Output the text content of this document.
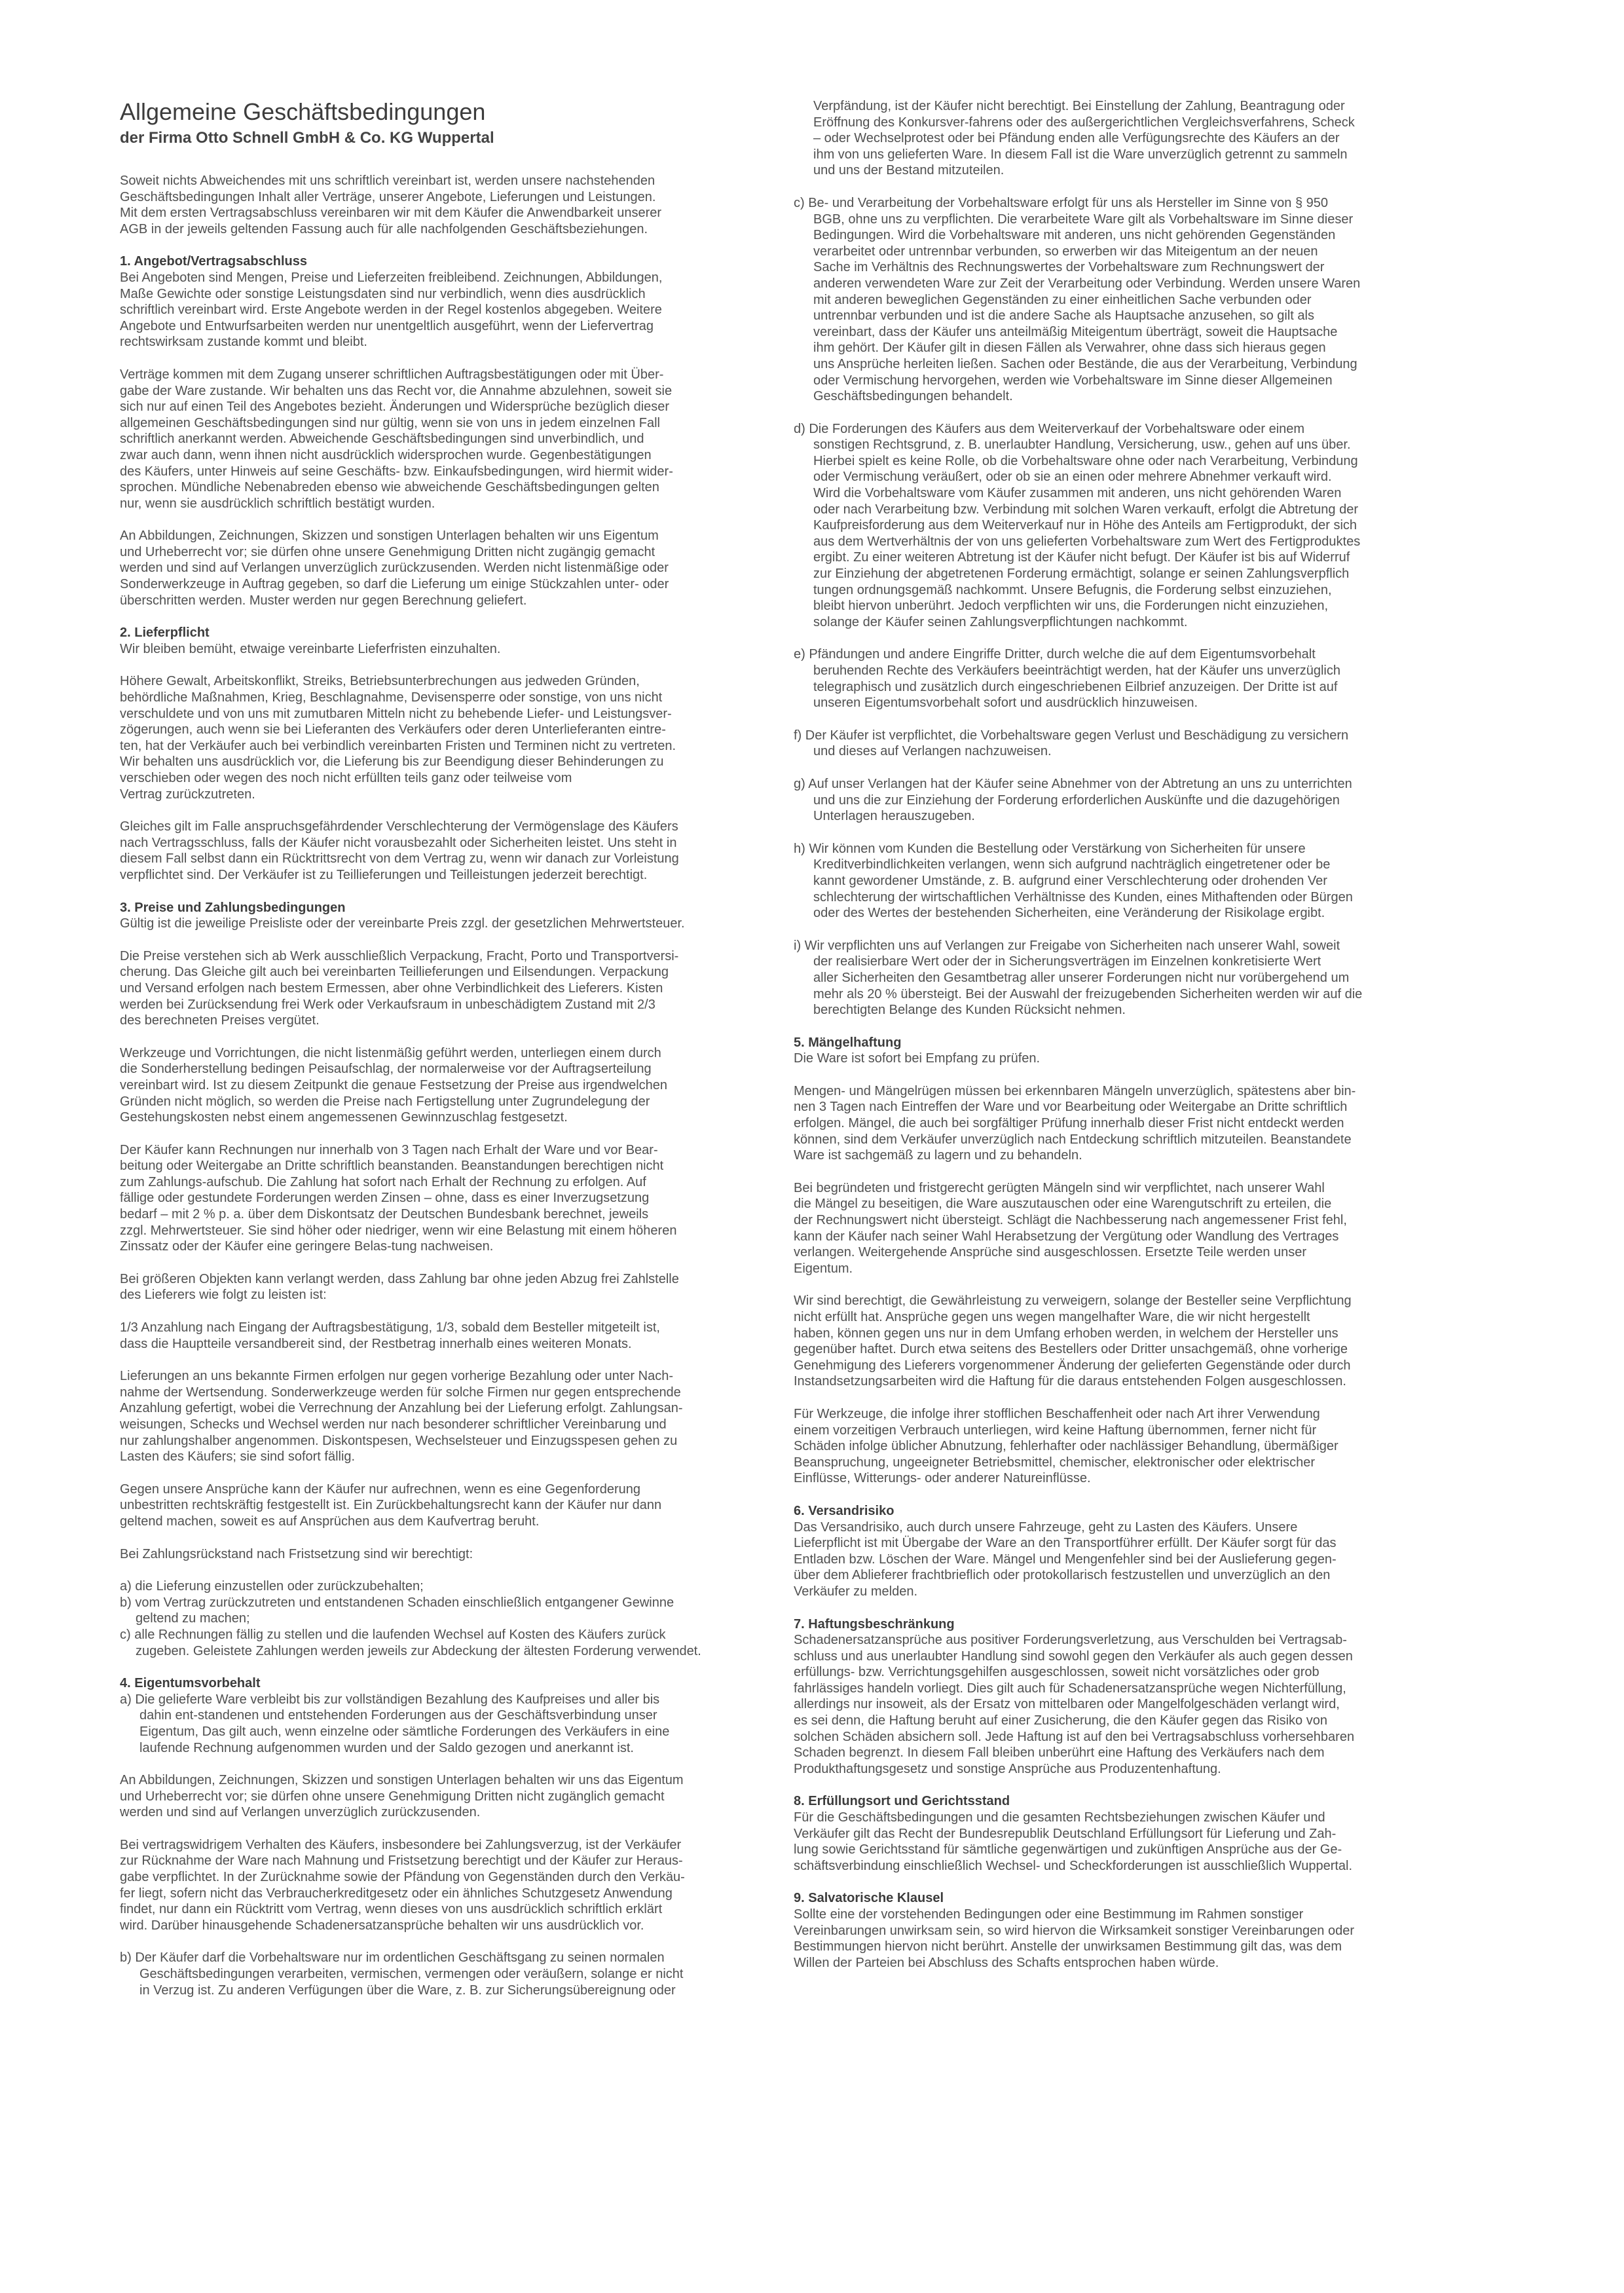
Allgemeine Geschäftsbedingungen
der Firma Otto Schnell GmbH & Co. KG Wuppertal

Soweit nichts Abweichendes mit uns schriftlich vereinbart ist, werden unsere nachstehenden
Geschäftsbedingungen Inhalt aller Verträge, unserer Angebote, Lieferungen und Leistungen.
Mit dem ersten Vertragsabschluss vereinbaren wir mit dem Käufer die Anwendbarkeit unserer
AGB in der jeweils geltenden Fassung auch für alle nachfolgenden Geschäftsbeziehungen.

1. Angebot/Vertragsabschluss

Bei Angeboten sind Mengen, Preise und Lieferzeiten freibleibend. Zeichnungen, Abbildungen,
Maße Gewichte oder sonstige Leistungsdaten sind nur verbindlich, wenn dies ausdrücklich
schriftlich vereinbart wird. Erste Angebote werden in der Regel kostenlos abgegeben. Weitere
Angebote und Entwurfsarbeiten werden nur unentgeltlich ausgeführt, wenn der Liefervertrag
rechtswirksam zustande kommt und bleibt.

Verträge kommen mit dem Zugang unserer schriftlichen Auftragsbestätigungen oder mit Über-
gabe der Ware zustande. Wir behalten uns das Recht vor, die Annahme abzulehnen, soweit sie
sich nur auf einen Teil des Angebotes bezieht. Änderungen und Widersprüche bezüglich dieser
allgemeinen Geschäftsbedingungen sind nur gültig, wenn sie von uns in jedem einzelnen Fall
schriftlich anerkannt werden. Abweichende Geschäftsbedingungen sind unverbindlich, und
zwar auch dann, wenn ihnen nicht ausdrücklich widersprochen wurde. Gegenbestätigungen
des Käufers, unter Hinweis auf seine Geschäfts- bzw. Einkaufsbedingungen, wird hiermit wider-
sprochen. Mündliche Nebenabreden ebenso wie abweichende Geschäftsbedingungen gelten
nur, wenn sie ausdrücklich schriftlich bestätigt wurden.

An Abbildungen, Zeichnungen, Skizzen und sonstigen Unterlagen behalten wir uns Eigentum
und Urheberrecht vor; sie dürfen ohne unsere Genehmigung Dritten nicht zugängig gemacht
werden und sind auf Verlangen unverzüglich zurückzusenden. Werden nicht listenmäßige oder
Sonderwerkzeuge in Auftrag gegeben, so darf die Lieferung um einige Stückzahlen unter- oder
überschritten werden. Muster werden nur gegen Berechnung geliefert.

2. Lieferpflicht

Wir bleiben bemüht, etwaige vereinbarte Lieferfristen einzuhalten.

Höhere Gewalt, Arbeitskonflikt, Streiks, Betriebsunterbrechungen aus jedweden Gründen,
behördliche Maßnahmen, Krieg, Beschlagnahme, Devisensperre oder sonstige, von uns nicht
verschuldete und von uns mit zumutbaren Mitteln nicht zu behebende Liefer- und Leistungsver-
zögerungen, auch wenn sie bei Lieferanten des Verkäufers oder deren Unterlieferanten eintre-
ten, hat der Verkäufer auch bei verbindlich vereinbarten Fristen und Terminen nicht zu vertreten.
Wir behalten uns ausdrücklich vor, die Lieferung bis zur Beendigung dieser Behinderungen zu
verschieben oder wegen des noch nicht erfüllten teils ganz oder teilweise vom
Vertrag zurückzutreten.

Gleiches gilt im Falle anspruchsgefährdender Verschlechterung der Vermögenslage des Käufers
nach Vertragsschluss, falls der Käufer nicht vorausbezahlt oder Sicherheiten leistet. Uns steht in
diesem Fall selbst dann ein Rücktrittsrecht von dem Vertrag zu, wenn wir danach zur Vorleistung
verpflichtet sind. Der Verkäufer ist zu Teillieferungen und Teilleistungen jederzeit berechtigt.

3. Preise und Zahlungsbedingungen

Gültig ist die jeweilige Preisliste oder der vereinbarte Preis zzgl. der gesetzlichen Mehrwertsteuer.

Die Preise verstehen sich ab Werk ausschließlich Verpackung, Fracht, Porto und Transportversi-
cherung. Das Gleiche gilt auch bei vereinbarten Teillieferungen und Eilsendungen. Verpackung
und Versand erfolgen nach bestem Ermessen, aber ohne Verbindlichkeit des Lieferers. Kisten
werden bei Zurücksendung frei Werk oder Verkaufsraum in unbeschädigtem Zustand mit 2/3
des berechneten Preises vergütet.

Werkzeuge und Vorrichtungen, die nicht listenmäßig geführt werden, unterliegen einem durch
die Sonderherstellung bedingen Peisaufschlag, der normalerweise vor der Auftragserteilung
vereinbart wird. Ist zu diesem Zeitpunkt die genaue Festsetzung der Preise aus irgendwelchen
Gründen nicht möglich, so werden die Preise nach Fertigstellung unter Zugrundelegung der
Gestehungskosten nebst einem angemessenen Gewinnzuschlag festgesetzt.

Der Käufer kann Rechnungen nur innerhalb von 3 Tagen nach Erhalt der Ware und vor Bear-
beitung oder Weitergabe an Dritte schriftlich beanstanden. Beanstandungen berechtigen nicht
zum Zahlungs-aufschub. Die Zahlung hat sofort nach Erhalt der Rechnung zu erfolgen. Auf
fällige oder gestundete Forderungen werden Zinsen – ohne, dass es einer Inverzugsetzung
bedarf – mit 2 % p. a. über dem Diskontsatz der Deutschen Bundesbank berechnet, jeweils
zzgl. Mehrwertsteuer. Sie sind höher oder niedriger, wenn wir eine Belastung mit einem höheren
Zinssatz oder der Käufer eine geringere Belas-tung nachweisen.

Bei größeren Objekten kann verlangt werden, dass Zahlung bar ohne jeden Abzug frei Zahlstelle
des Lieferers wie folgt zu leisten ist:

1/3 Anzahlung nach Eingang der Auftragsbestätigung, 1/3, sobald dem Besteller mitgeteilt ist,
dass die Hauptteile versandbereit sind, der Restbetrag innerhalb eines weiteren Monats.

Lieferungen an uns bekannte Firmen erfolgen nur gegen vorherige Bezahlung oder unter Nach-
nahme der Wertsendung. Sonderwerkzeuge werden für solche Firmen nur gegen entsprechende
Anzahlung gefertigt, wobei die Verrechnung der Anzahlung bei der Lieferung erfolgt. Zahlungsan-
weisungen, Schecks und Wechsel werden nur nach besonderer schriftlicher Vereinbarung und
nur zahlungshalber angenommen. Diskontspesen, Wechselsteuer und Einzugsspesen gehen zu
Lasten des Käufers; sie sind sofort fällig.

Gegen unsere Ansprüche kann der Käufer nur aufrechnen, wenn es eine Gegenforderung
unbestritten rechtskräftig festgestellt ist. Ein Zurückbehaltungsrecht kann der Käufer nur dann
geltend machen, soweit es auf Ansprüchen aus dem Kaufvertrag beruht.

Bei Zahlungsrückstand nach Fristsetzung sind wir berechtigt:

a) die Lieferung einzustellen oder zurückzubehalten;
b) vom Vertrag zurückzutreten und entstandenen Schaden einschließlich entgangener Gewinne
geltend zu machen;
c) alle Rechnungen fällig zu stellen und die laufenden Wechsel auf Kosten des Käufers zurück
zugeben. Geleistete Zahlungen werden jeweils zur Abdeckung der ältesten Forderung verwendet.
4. Eigentumsvorbehalt

a) Die gelieferte Ware verbleibt bis zur vollständigen Bezahlung des Kaufpreises und aller bis
dahin ent-standenen und entstehenden Forderungen aus der Geschäftsverbindung unser
Eigentum, Das gilt auch, wenn einzelne oder sämtliche Forderungen des Verkäufers in eine
laufende Rechnung aufgenommen wurden und der Saldo gezogen und anerkannt ist.

An Abbildungen, Zeichnungen, Skizzen und sonstigen Unterlagen behalten wir uns das Eigentum
und Urheberrecht vor; sie dürfen ohne unsere Genehmigung Dritten nicht zugänglich gemacht
werden und sind auf Verlangen unverzüglich zurückzusenden.

Bei vertragswidrigem Verhalten des Käufers, insbesondere bei Zahlungsverzug, ist der Verkäufer
zur Rücknahme der Ware nach Mahnung und Fristsetzung berechtigt und der Käufer zur Heraus-
gabe verpflichtet. In der Zurücknahme sowie der Pfändung von Gegenständen durch den Verkäu-
fer liegt, sofern nicht das Verbraucherkreditgesetz oder ein ähnliches Schutzgesetz Anwendung
findet, nur dann ein Rücktritt vom Vertrag, wenn dieses von uns ausdrücklich schriftlich erklärt
wird. Darüber hinausgehende Schadenersatzansprüche behalten wir uns ausdrücklich vor.

b) Der Käufer darf die Vorbehaltsware nur im ordentlichen Geschäftsgang zu seinen normalen
Geschäftsbedingungen verarbeiten, vermischen, vermengen oder veräußern, solange er nicht
in Verzug ist. Zu anderen Verfügungen über die Ware, z. B. zur Sicherungsübereignung oder

Verpfändung, ist der Käufer nicht berechtigt. Bei Einstellung der Zahlung, Beantragung oder
Eröffnung des Konkursver-fahrens oder des außergerichtlichen Vergleichsverfahrens, Scheck
– oder Wechselprotest oder bei Pfändung enden alle Verfügungsrechte des Käufers an der
ihm von uns gelieferten Ware. In diesem Fall ist die Ware unverzüglich getrennt zu sammeln
und uns der Bestand mitzuteilen.

c) Be- und Verarbeitung der Vorbehaltsware erfolgt für uns als Hersteller im Sinne von § 950
BGB, ohne uns zu verpflichten. Die verarbeitete Ware gilt als Vorbehaltsware im Sinne dieser
Bedingungen. Wird die Vorbehaltsware mit anderen, uns nicht gehörenden Gegenständen
verarbeitet oder untrennbar verbunden, so erwerben wir das Miteigentum an der neuen
Sache im Verhältnis des Rechnungswertes der Vorbehaltsware zum Rechnungswert der
anderen verwendeten Ware zur Zeit der Verarbeitung oder Verbindung. Werden unsere Waren
mit anderen beweglichen Gegenständen zu einer einheitlichen Sache verbunden oder
untrennbar verbunden und ist die andere Sache als Hauptsache anzusehen, so gilt als
vereinbart, dass der Käufer uns anteilmäßig Miteigentum überträgt, soweit die Hauptsache
ihm gehört. Der Käufer gilt in diesen Fällen als Verwahrer, ohne dass sich hieraus gegen
uns Ansprüche herleiten ließen. Sachen oder Bestände, die aus der Verarbeitung, Verbindung
oder Vermischung hervorgehen, werden wie Vorbehaltsware im Sinne dieser Allgemeinen
Geschäftsbedingungen behandelt.

d) Die Forderungen des Käufers aus dem Weiterverkauf der Vorbehaltsware oder einem
sonstigen Rechtsgrund, z. B. unerlaubter Handlung, Versicherung, usw., gehen auf uns über.
Hierbei spielt es keine Rolle, ob die Vorbehaltsware ohne oder nach Verarbeitung, Verbindung
oder Vermischung veräußert, oder ob sie an einen oder mehrere Abnehmer verkauft wird.
Wird die Vorbehaltsware vom Käufer zusammen mit anderen, uns nicht gehörenden Waren
oder nach Verarbeitung bzw. Verbindung mit solchen Waren verkauft, erfolgt die Abtretung der
Kaufpreisforderung aus dem Weiterverkauf nur in Höhe des Anteils am Fertigprodukt, der sich
aus dem Wertverhältnis der von uns gelieferten Vorbehaltsware zum Wert des Fertigproduktes
ergibt. Zu einer weiteren Abtretung ist der Käufer nicht befugt. Der Käufer ist bis auf Widerruf
zur Einziehung der abgetretenen Forderung ermächtigt, solange er seinen Zahlungsverpflich
tungen ordnungsgemäß nachkommt. Unsere Befugnis, die Forderung selbst einzuziehen,
bleibt hiervon unberührt. Jedoch verpflichten wir uns, die Forderungen nicht einzuziehen,
solange der Käufer seinen Zahlungsverpflichtungen nachkommt.

e) Pfändungen und andere Eingriffe Dritter, durch welche die auf dem Eigentumsvorbehalt
beruhenden Rechte des Verkäufers beeinträchtigt werden, hat der Käufer uns unverzüglich
telegraphisch und zusätzlich durch eingeschriebenen Eilbrief anzuzeigen. Der Dritte ist auf
unseren Eigentumsvorbehalt sofort und ausdrücklich hinzuweisen.

f) Der Käufer ist verpflichtet, die Vorbehaltsware gegen Verlust und Beschädigung zu versichern
und dieses auf Verlangen nachzuweisen.

g) Auf unser Verlangen hat der Käufer seine Abnehmer von der Abtretung an uns zu unterrichten
und uns die zur Einziehung der Forderung erforderlichen Auskünfte und die dazugehörigen
Unterlagen herauszugeben.

h) Wir können vom Kunden die Bestellung oder Verstärkung von Sicherheiten für unsere
Kreditverbindlichkeiten verlangen, wenn sich aufgrund nachträglich eingetretener oder be
kannt gewordener Umstände, z. B. aufgrund einer Verschlechterung oder drohenden Ver
schlechterung der wirtschaftlichen Verhältnisse des Kunden, eines Mithaftenden oder Bürgen
oder des Wertes der bestehenden Sicherheiten, eine Veränderung der Risikolage ergibt.

i) Wir verpflichten uns auf Verlangen zur Freigabe von Sicherheiten nach unserer Wahl, soweit
der realisierbare Wert oder der in Sicherungsverträgen im Einzelnen konkretisierte Wert
aller Sicherheiten den Gesamtbetrag aller unserer Forderungen nicht nur vorübergehend um
mehr als 20 % übersteigt. Bei der Auswahl der freizugebenden Sicherheiten werden wir auf die
berechtigten Belange des Kunden Rücksicht nehmen.

5. Mängelhaftung

Die Ware ist sofort bei Empfang zu prüfen.

Mengen- und Mängelrügen müssen bei erkennbaren Mängeln unverzüglich, spätestens aber bin-
nen 3 Tagen nach Eintreffen der Ware und vor Bearbeitung oder Weitergabe an Dritte schriftlich
erfolgen. Mängel, die auch bei sorgfältiger Prüfung innerhalb dieser Frist nicht entdeckt werden
können, sind dem Verkäufer unverzüglich nach Entdeckung schriftlich mitzuteilen. Beanstandete
Ware ist sachgemäß zu lagern und zu behandeln.

Bei begründeten und fristgerecht gerügten Mängeln sind wir verpflichtet, nach unserer Wahl
die Mängel zu beseitigen, die Ware auszutauschen oder eine Warengutschrift zu erteilen, die
der Rechnungswert nicht übersteigt. Schlägt die Nachbesserung nach angemessener Frist fehl,
kann der Käufer nach seiner Wahl Herabsetzung der Vergütung oder Wandlung des Vertrages
verlangen. Weitergehende Ansprüche sind ausgeschlossen. Ersetzte Teile werden unser
Eigentum.

Wir sind berechtigt, die Gewährleistung zu verweigern, solange der Besteller seine Verpflichtung
nicht erfüllt hat. Ansprüche gegen uns wegen mangelhafter Ware, die wir nicht hergestellt
haben, können gegen uns nur in dem Umfang erhoben werden, in welchem der Hersteller uns
gegenüber haftet. Durch etwa seitens des Bestellers oder Dritter unsachgemäß, ohne vorherige
Genehmigung des Lieferers vorgenommener Änderung der gelieferten Gegenstände oder durch
Instandsetzungsarbeiten wird die Haftung für die daraus entstehenden Folgen ausgeschlossen.

Für Werkzeuge, die infolge ihrer stofflichen Beschaffenheit oder nach Art ihrer Verwendung
einem vorzeitigen Verbrauch unterliegen, wird keine Haftung übernommen, ferner nicht für
Schäden infolge üblicher Abnutzung, fehlerhafter oder nachlässiger Behandlung, übermäßiger
Beanspruchung, ungeeigneter Betriebsmittel, chemischer, elektronischer oder elektrischer
Einflüsse, Witterungs- oder anderer Natureinflüsse.

6. Versandrisiko

Das Versandrisiko, auch durch unsere Fahrzeuge, geht zu Lasten des Käufers. Unsere
Lieferpflicht ist mit Übergabe der Ware an den Transportführer erfüllt. Der Käufer sorgt für das
Entladen bzw. Löschen der Ware. Mängel und Mengenfehler sind bei der Auslieferung gegen-
über dem Ablieferer frachtbrieflich oder protokollarisch festzustellen und unverzüglich an den
Verkäufer zu melden.

7. Haftungsbeschränkung

Schadenersatzansprüche aus positiver Forderungsverletzung, aus Verschulden bei Vertragsab-
schluss und aus unerlaubter Handlung sind sowohl gegen den Verkäufer als auch gegen dessen
erfüllungs- bzw. Verrichtungsgehilfen ausgeschlossen, soweit nicht vorsätzliches oder grob
fahrlässiges handeln vorliegt. Dies gilt auch für Schadenersatzansprüche wegen Nichterfüllung,
allerdings nur insoweit, als der Ersatz von mittelbaren oder Mangelfolgeschäden verlangt wird,
es sei denn, die Haftung beruht auf einer Zusicherung, die den Käufer gegen das Risiko von
solchen Schäden absichern soll. Jede Haftung ist auf den bei Vertragsabschluss vorhersehbaren
Schaden begrenzt. In diesem Fall bleiben unberührt eine Haftung des Verkäufers nach dem
Produkthaftungsgesetz und sonstige Ansprüche aus Produzentenhaftung.

8. Erfüllungsort und Gerichtsstand

Für die Geschäftsbedingungen und die gesamten Rechtsbeziehungen zwischen Käufer und
Verkäufer gilt das Recht der Bundesrepublik Deutschland Erfüllungsort für Lieferung und Zah-
lung sowie Gerichtsstand für sämtliche gegenwärtigen und zukünftigen Ansprüche aus der Ge-
schäftsverbindung einschließlich Wechsel- und Scheckforderungen ist ausschließlich Wuppertal.

9. Salvatorische Klausel

Sollte eine der vorstehenden Bedingungen oder eine Bestimmung im Rahmen sonstiger
Vereinbarungen unwirksam sein, so wird hiervon die Wirksamkeit sonstiger Vereinbarungen oder
Bestimmungen hiervon nicht berührt. Anstelle der unwirksamen Bestimmung gilt das, was dem
Willen der Parteien bei Abschluss des Schafts entsprochen haben würde.
